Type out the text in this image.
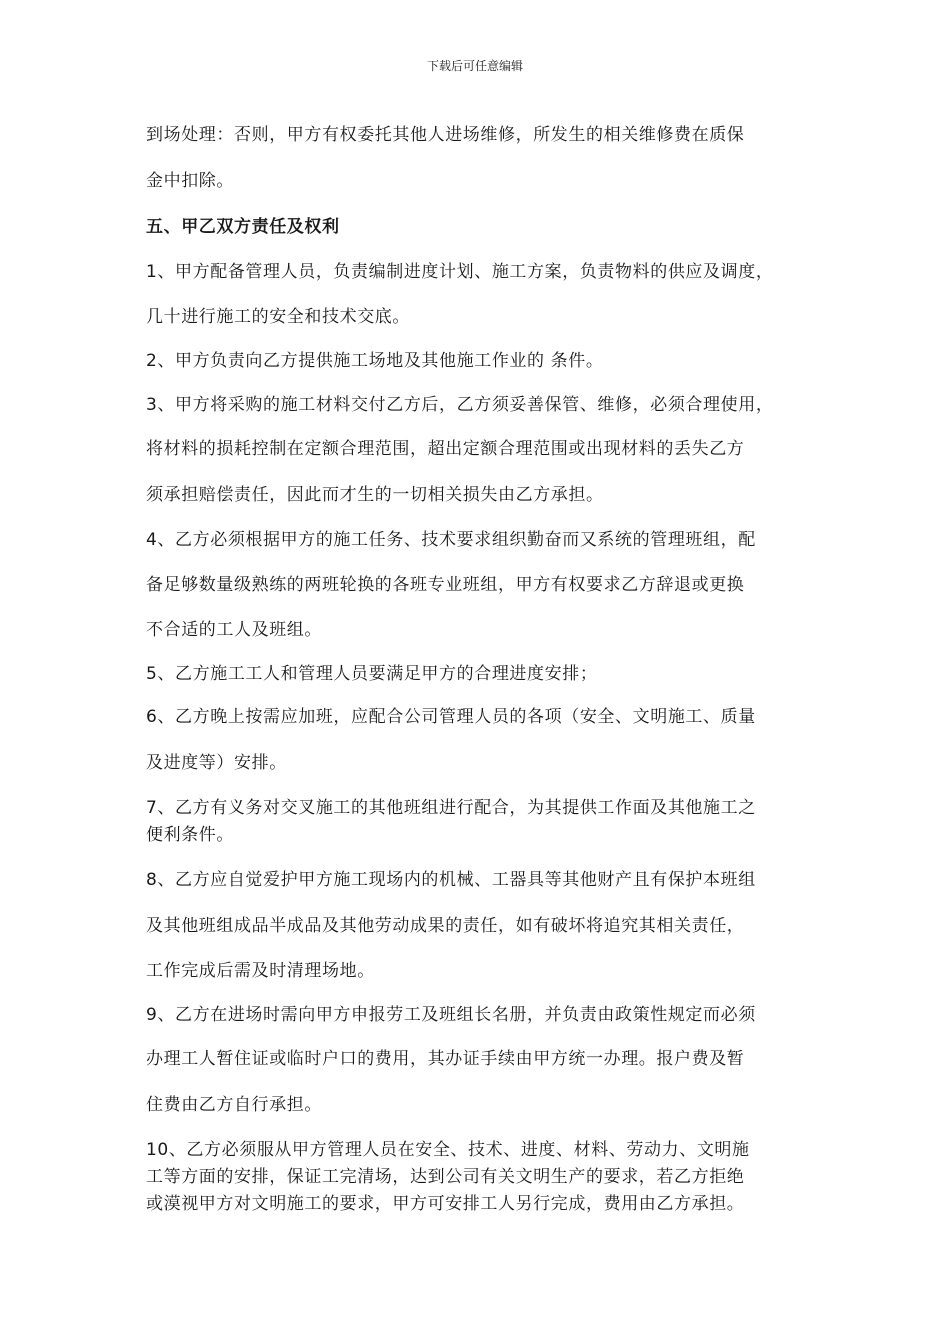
下载后可任意编辑
到场处理：否则，甲方有权委托其他人进场维修，所发生的相关维修费在质保
金中扣除。
五、甲乙双方责任及权利
1、甲方配备管理人员，负责编制进度计划、施工方案，负责物料的供应及调度，
几十进行施工的安全和技术交底。
2、甲方负责向乙方提供施工场地及其他施工作业的 条件。
3、甲方将采购的施工材料交付乙方后，乙方须妥善保管、维修，必须合理使用，
将材料的损耗控制在定额合理范围，超出定额合理范围或出现材料的丢失乙方
须承担赔偿责任，因此而才生的一切相关损失由乙方承担。
4、乙方必须根据甲方的施工任务、技术要求组织勤奋而又系统的管理班组，配
备足够数量级熟练的两班轮换的各班专业班组，甲方有权要求乙方辞退或更换
不合适的工人及班组。
5、乙方施工工人和管理人员要满足甲方的合理进度安排；
6、乙方晚上按需应加班，应配合公司管理人员的各项（安全、文明施工、质量
及进度等）安排。
7、乙方有义务对交叉施工的其他班组进行配合，为其提供工作面及其他施工之
便利条件。
8、乙方应自觉爱护甲方施工现场内的机械、工器具等其他财产且有保护本班组
及其他班组成品半成品及其他劳动成果的责任，如有破坏将追究其相关责任，
工作完成后需及时清理场地。
9、乙方在进场时需向甲方申报劳工及班组长名册，并负责由政策性规定而必须
办理工人暂住证或临时户口的费用，其办证手续由甲方统一办理。报户费及暂
住费由乙方自行承担。
10、乙方必须服从甲方管理人员在安全、技术、进度、材料、劳动力、文明施
工等方面的安排，保证工完清场，达到公司有关文明生产的要求，若乙方拒绝
或漠视甲方对文明施工的要求，甲方可安排工人另行完成，费用由乙方承担。
